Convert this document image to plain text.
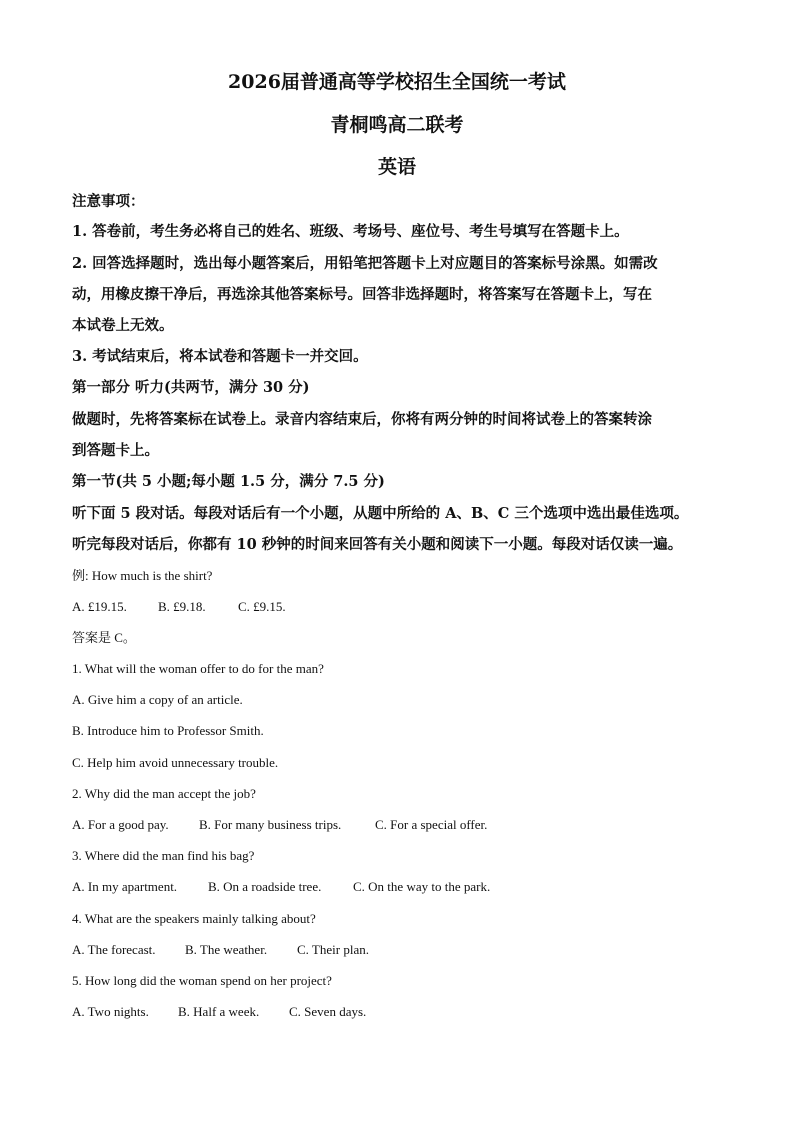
2026届普通高等学校招生全国统一考试
青桐鸣高二联考
英语

注意事项：

1. 答卷前，考生务必将自己的姓名、班级、考场号、座位号、考生号填写在答题卡上。

2. 回答选择题时，选出每小题答案后，用铅笔把答题卡上对应题目的答案标号涂黑。如需改

动，用橡皮擦干净后，再选涂其他答案标号。回答非选择题时，将答案写在答题卡上，写在

本试卷上无效。

3. 考试结束后，将本试卷和答题卡一并交回。

第一部分 听力(共两节，满分 30 分)

做题时，先将答案标在试卷上。录音内容结束后，你将有两分钟的时间将试卷上的答案转涂

到答题卡上。

第一节(共 5 小题;每小题 1.5 分，满分 7.5 分)

听下面 5 段对话。每段对话后有一个小题，从题中所给的 A、B、C 三个选项中选出最佳选项。

听完每段对话后，你都有 10 秒钟的时间来回答有关小题和阅读下一小题。每段对话仅读一遍。

例: How much is the shirt?

A. £19.15. B. £9.18. C. £9.15.

答案是 C。

1. What will the woman offer to do for the man?

A. Give him a copy of an article.

B. Introduce him to Professor Smith.

C. Help him avoid unnecessary trouble.

2. Why did the man accept the job?

A. For a good pay. B. For many business trips.	C. For a special offer.

3. Where did the man find his bag?

A. In my apartment. B. On a roadside tree. C. On the way to the park.

4. What are the speakers mainly talking about?

A. The forecast. B. The weather. C. Their plan.

5. How long did the woman spend on her project?

A. Two nights. B. Half a week. C. Seven days.
